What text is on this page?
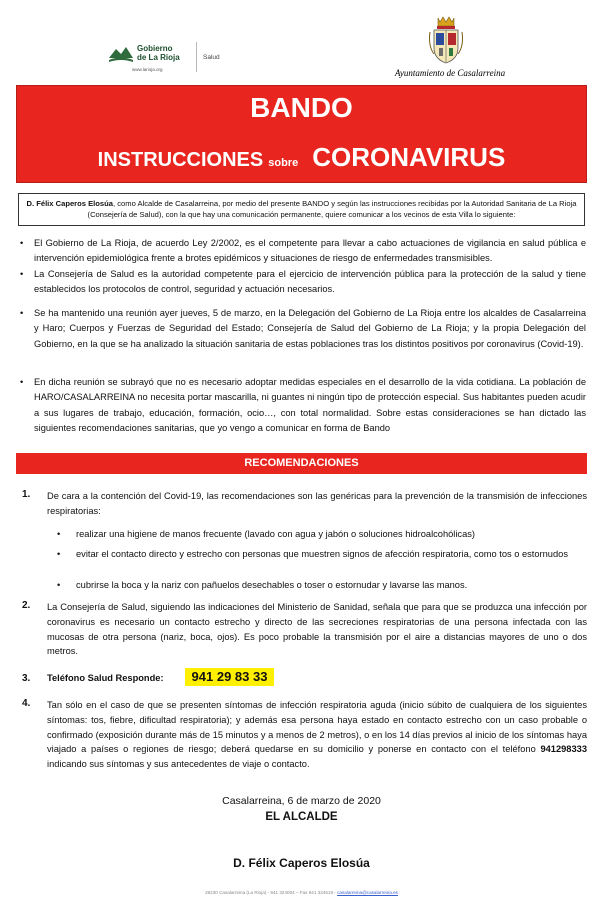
Gobierno
de La Rioja
www.larioja.org
Salud
Ayuntamiento de Casalarreina
BANDO
INSTRUCCIONES sobre CORONAVIRUS
D. Félix Caperos Elosúa, como Alcalde de Casalarreina, por medio del presente BANDO y según las instrucciones recibidas por la Autoridad Sanitaria de La Rioja (Consejería de Salud), con la que hay una comunicación permanente, quiere comunicar a los vecinos de esta Villa lo siguiente:

• El Gobierno de La Rioja, de acuerdo Ley 2/2002, es el competente para llevar a cabo actuaciones de vigilancia en salud pública e intervención epidemiológica frente a brotes epidémicos y situaciones de riesgo de enfermedades transmisibles.

• La Consejería de Salud es la autoridad competente para el ejercicio de intervención pública para la protección de la salud y tiene establecidos los protocolos de control, seguridad y actuación necesarios.

• Se ha mantenido una reunión ayer jueves, 5 de marzo, en la Delegación del Gobierno de La Rioja entre los alcaldes de Casalarreina y Haro; Cuerpos y Fuerzas de Seguridad del Estado; Consejería de Salud del Gobierno de La Rioja; y la propia Delegación del Gobierno, en la que se ha analizado la situación sanitaria de estas poblaciones tras los distintos positivos por coronavirus (Covid-19).

• En dicha reunión se subrayó que no es necesario adoptar medidas especiales en el desarrollo de la vida cotidiana. La población de HARO/CASALARREINA no necesita portar mascarilla, ni guantes ni ningún tipo de protección especial. Sus habitantes pueden acudir a sus lugares de trabajo, educación, formación, ocio…, con total normalidad. Sobre estas consideraciones se han dictado las siguientes recomendaciones sanitarias, que yo vengo a comunicar en forma de Bando

RECOMENDACIONES
1. De cara a la contención del Covid-19, las recomendaciones son las genéricas para la prevención de la transmisión de infecciones respiratorias:

• realizar una higiene de manos frecuente (lavado con agua y jabón o soluciones hidroalcohólicas)

• evitar el contacto directo y estrecho con personas que muestren signos de afección respiratoria, como tos o estornudos

• cubrirse la boca y la nariz con pañuelos desechables o toser o estornudar y lavarse las manos.

2. La Consejería de Salud, siguiendo las indicaciones del Ministerio de Sanidad, señala que para que se produzca una infección por coronavirus es necesario un contacto estrecho y directo de las secreciones respiratorias de una persona infectada con las mucosas de otra persona (nariz, boca, ojos). Es poco probable la transmisión por el aire a distancias mayores de uno o dos metros.

3. Teléfono Salud Responde:	941 29 83 33
4. Tan sólo en el caso de que se presenten síntomas de infección respiratoria aguda (inicio súbito de cualquiera de los siguientes síntomas: tos, fiebre, dificultad respiratoria); y además esa persona haya estado en contacto estrecho con un caso probable o confirmado (exposición durante más de 15 minutos y a menos de 2 metros), o en los 14 días previos al inicio de los síntomas haya viajado a países o regiones de riesgo; deberá quedarse en su domicilio y ponerse en contacto con el teléfono 941298333 indicando sus síntomas y sus antecedentes de viaje o contacto.

Casalarreina, 6 de marzo de 2020
EL ALCALDE
D. Félix Caperos Elosúa
26230 Casalarreina (La Rioja) - 941 324004 – Fax 941 324519 - casalarreina@casalarreina.es
